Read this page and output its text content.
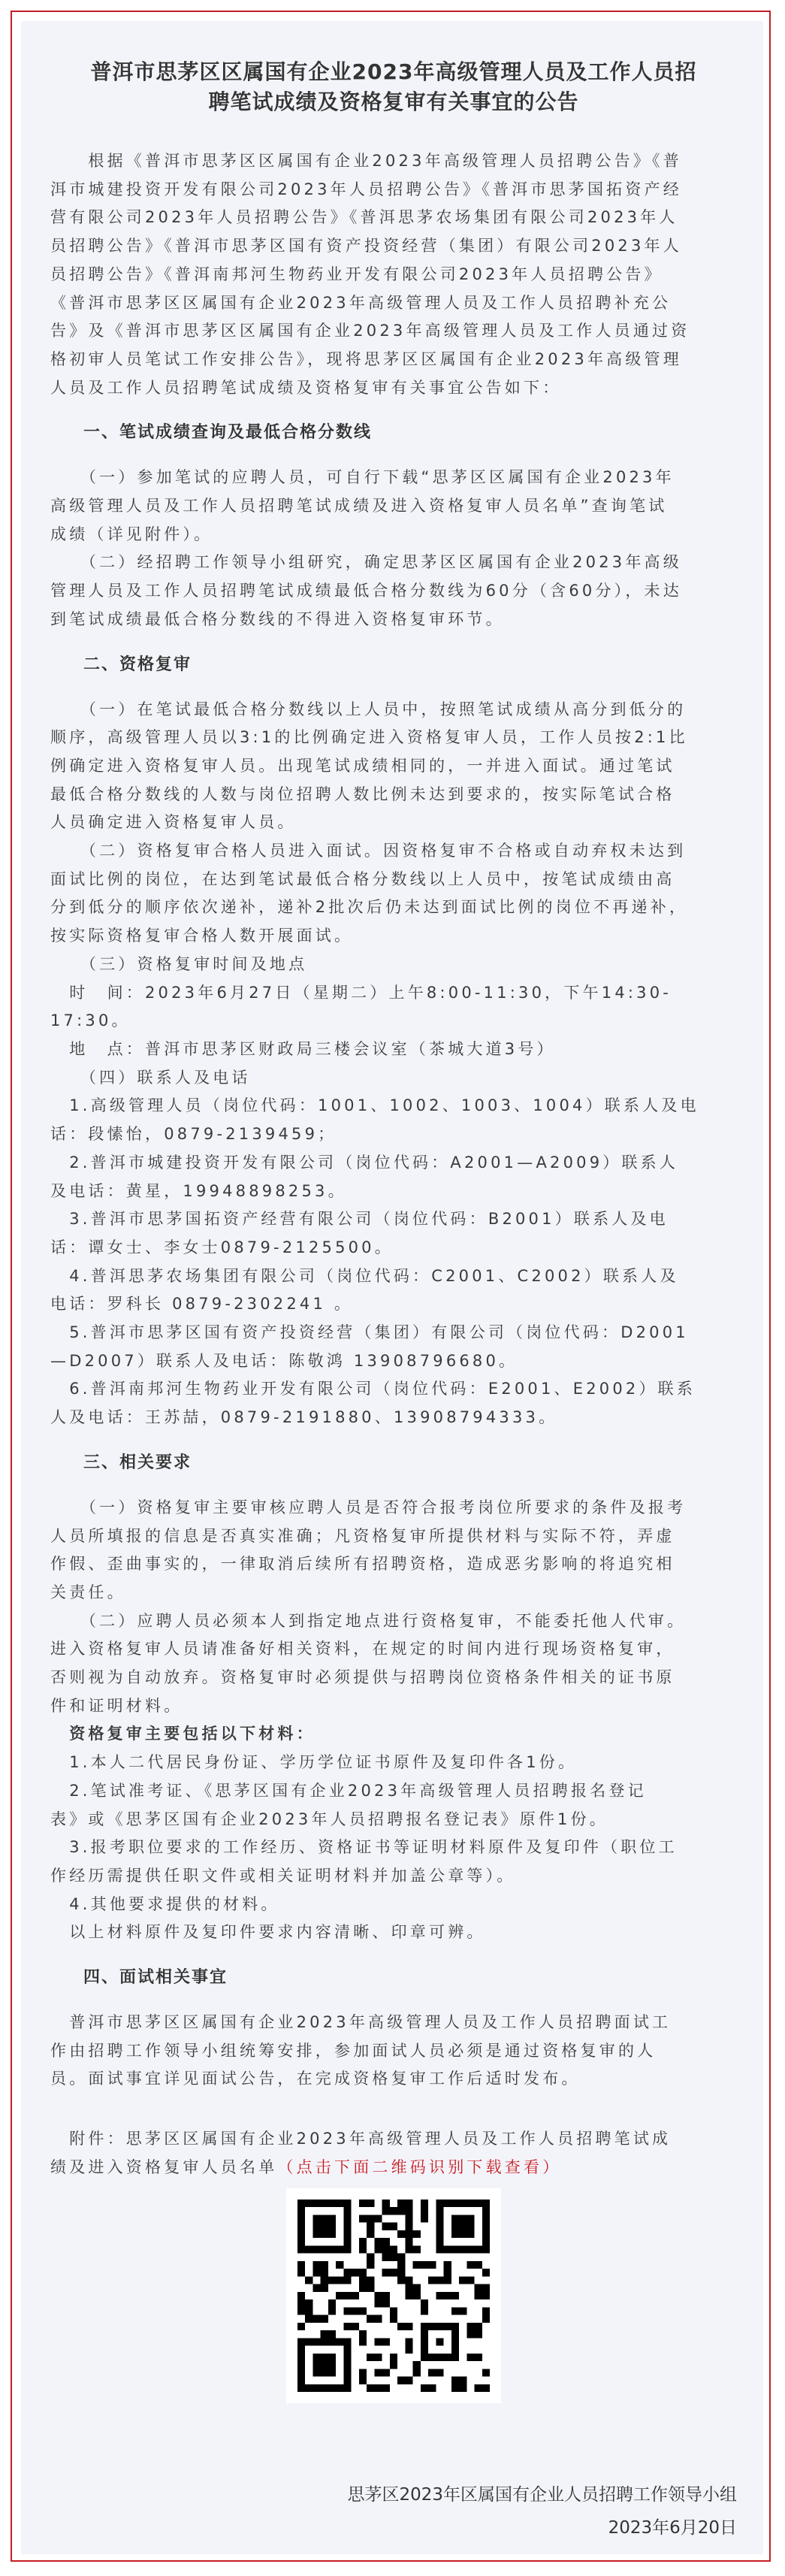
普洱市思茅区区属国有企业2023年高级管理人员及工作人员招
聘笔试成绩及资格复审有关事宜的公告
　　根据《普洱市思茅区区属国有企业2023年高级管理人员招聘公告》《普
洱市城建投资开发有限公司2023年人员招聘公告》《普洱市思茅国拓资产经
营有限公司2023年人员招聘公告》《普洱思茅农场集团有限公司2023年人
员招聘公告》《普洱市思茅区国有资产投资经营（集团）有限公司2023年人
员招聘公告》《普洱南邦河生物药业开发有限公司2023年人员招聘公告》
《普洱市思茅区区属国有企业2023年高级管理人员及工作人员招聘补充公
告》及《普洱市思茅区区属国有企业2023年高级管理人员及工作人员通过资
格初审人员笔试工作安排公告》，现将思茅区区属国有企业2023年高级管理
人员及工作人员招聘笔试成绩及资格复审有关事宜公告如下：
一、笔试成绩查询及最低合格分数线
　　（一）参加笔试的应聘人员，可自行下载“思茅区区属国有企业2023年
高级管理人员及工作人员招聘笔试成绩及进入资格复审人员名单”查询笔试
成绩（详见附件）。
　　（二）经招聘工作领导小组研究，确定思茅区区属国有企业2023年高级
管理人员及工作人员招聘笔试成绩最低合格分数线为60分（含60分），未达
到笔试成绩最低合格分数线的不得进入资格复审环节。
二、资格复审
　　（一）在笔试最低合格分数线以上人员中，按照笔试成绩从高分到低分的
顺序，高级管理人员以3:1的比例确定进入资格复审人员，工作人员按2:1比
例确定进入资格复审人员。出现笔试成绩相同的，一并进入面试。通过笔试
最低合格分数线的人数与岗位招聘人数比例未达到要求的，按实际笔试合格
人员确定进入资格复审人员。
　　（二）资格复审合格人员进入面试。因资格复审不合格或自动弃权未达到
面试比例的岗位，在达到笔试最低合格分数线以上人员中，按笔试成绩由高
分到低分的顺序依次递补，递补2批次后仍未达到面试比例的岗位不再递补，
按实际资格复审合格人数开展面试。
　　（三）资格复审时间及地点
　时　间：2023年6月27日（星期二）上午8:00-11:30，下午14:30-
17:30。
　地　点：普洱市思茅区财政局三楼会议室（茶城大道3号）
　　（四）联系人及电话
　1.高级管理人员（岗位代码：1001、1002、1003、1004）联系人及电
话：段愫怡，0879-2139459；
　2.普洱市城建投资开发有限公司（岗位代码：A2001—A2009）联系人
及电话：黄星，19948898253。
　3.普洱市思茅国拓资产经营有限公司（岗位代码：B2001）联系人及电
话：谭女士、李女士0879-2125500。
　4.普洱思茅农场集团有限公司（岗位代码：C2001、C2002）联系人及
电话：罗科长 0879-2302241 。
　5.普洱市思茅区国有资产投资经营（集团）有限公司（岗位代码：D2001
—D2007）联系人及电话：陈敬鸿 13908796680。
　6.普洱南邦河生物药业开发有限公司（岗位代码：E2001、E2002）联系
人及电话：王苏喆，0879-2191880、13908794333。
三、相关要求
　　（一）资格复审主要审核应聘人员是否符合报考岗位所要求的条件及报考
人员所填报的信息是否真实准确；凡资格复审所提供材料与实际不符，弄虚
作假、歪曲事实的，一律取消后续所有招聘资格，造成恶劣影响的将追究相
关责任。
　　（二）应聘人员必须本人到指定地点进行资格复审，不能委托他人代审。
进入资格复审人员请准备好相关资料，在规定的时间内进行现场资格复审，
否则视为自动放弃。资格复审时必须提供与招聘岗位资格条件相关的证书原
件和证明材料。
　资格复审主要包括以下材料：
　1.本人二代居民身份证、学历学位证书原件及复印件各1份。
　2.笔试准考证、《思茅区国有企业2023年高级管理人员招聘报名登记
表》或《思茅区国有企业2023年人员招聘报名登记表》原件1份。
　3.报考职位要求的工作经历、资格证书等证明材料原件及复印件（职位工
作经历需提供任职文件或相关证明材料并加盖公章等）。
　4.其他要求提供的材料。
　以上材料原件及复印件要求内容清晰、印章可辨。
四、面试相关事宜
　普洱市思茅区区属国有企业2023年高级管理人员及工作人员招聘面试工
作由招聘工作领导小组统筹安排，参加面试人员必须是通过资格复审的人
员。面试事宜详见面试公告，在完成资格复审工作后适时发布。
　附件：思茅区区属国有企业2023年高级管理人员及工作人员招聘笔试成
绩及进入资格复审人员名单（点击下面二维码识别下载查看）
思茅区2023年区属国有企业人员招聘工作领导小组
2023年6月20日
